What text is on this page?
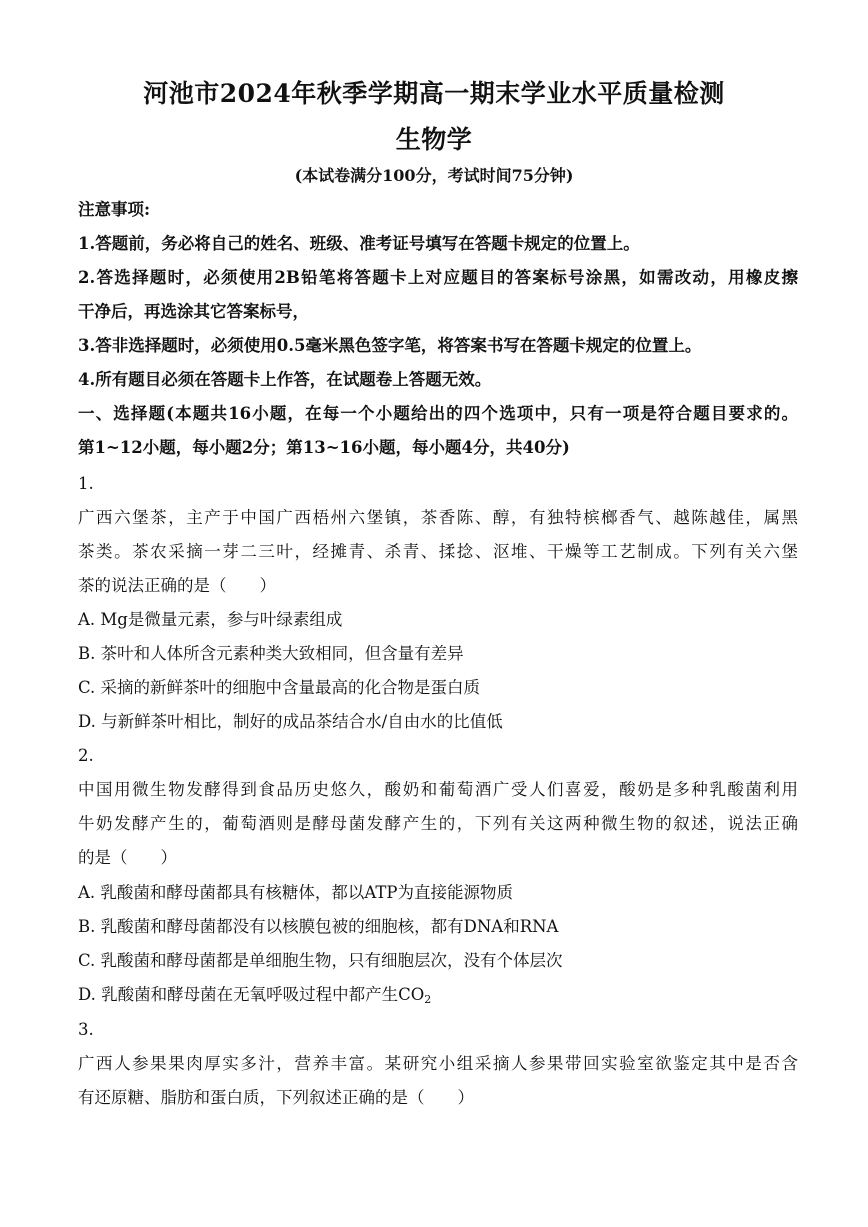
河池市2024年秋季学期高一期末学业水平质量检测
生物学
(本试卷满分100分，考试时间75分钟)
注意事项:
1.答题前，务必将自己的姓名、班级、准考证号填写在答题卡规定的位置上。
2.答选择题时，必须使用2B铅笔将答题卡上对应题目的答案标号涂黑，如需改动，用橡皮擦
干净后，再选涂其它答案标号，
3.答非选择题时，必须使用0.5毫米黑色签字笔，将答案书写在答题卡规定的位置上。
4.所有题目必须在答题卡上作答，在试题卷上答题无效。
一、选择题(本题共16小题，在每一个小题给出的四个选项中，只有一项是符合题目要求的。
第1~12小题，每小题2分；第13~16小题，每小题4分，共40分)
1.
广西六堡茶，主产于中国广西梧州六堡镇，茶香陈、醇，有独特槟榔香气、越陈越佳，属黑
茶类。茶农采摘一芽二三叶，经摊青、杀青、揉捻、沤堆、干燥等工艺制成。下列有关六堡
茶的说法正确的是（　　）
A. Mg是微量元素，参与叶绿素组成
B. 茶叶和人体所含元素种类大致相同，但含量有差异
C. 采摘的新鲜茶叶的细胞中含量最高的化合物是蛋白质
D. 与新鲜茶叶相比，制好的成品茶结合水/自由水的比值低
2.
中国用微生物发酵得到食品历史悠久，酸奶和葡萄酒广受人们喜爱，酸奶是多种乳酸菌利用
牛奶发酵产生的，葡萄酒则是酵母菌发酵产生的，下列有关这两种微生物的叙述，说法正确
的是（　　）
A. 乳酸菌和酵母菌都具有核糖体，都以ATP为直接能源物质
B. 乳酸菌和酵母菌都没有以核膜包被的细胞核，都有DNA和RNA
C. 乳酸菌和酵母菌都是单细胞生物，只有细胞层次，没有个体层次
D. 乳酸菌和酵母菌在无氧呼吸过程中都产生$CO_2$
3.
广西人参果果肉厚实多汁，营养丰富。某研究小组采摘人参果带回实验室欲鉴定其中是否含
有还原糖、脂肪和蛋白质，下列叙述正确的是（　　）
